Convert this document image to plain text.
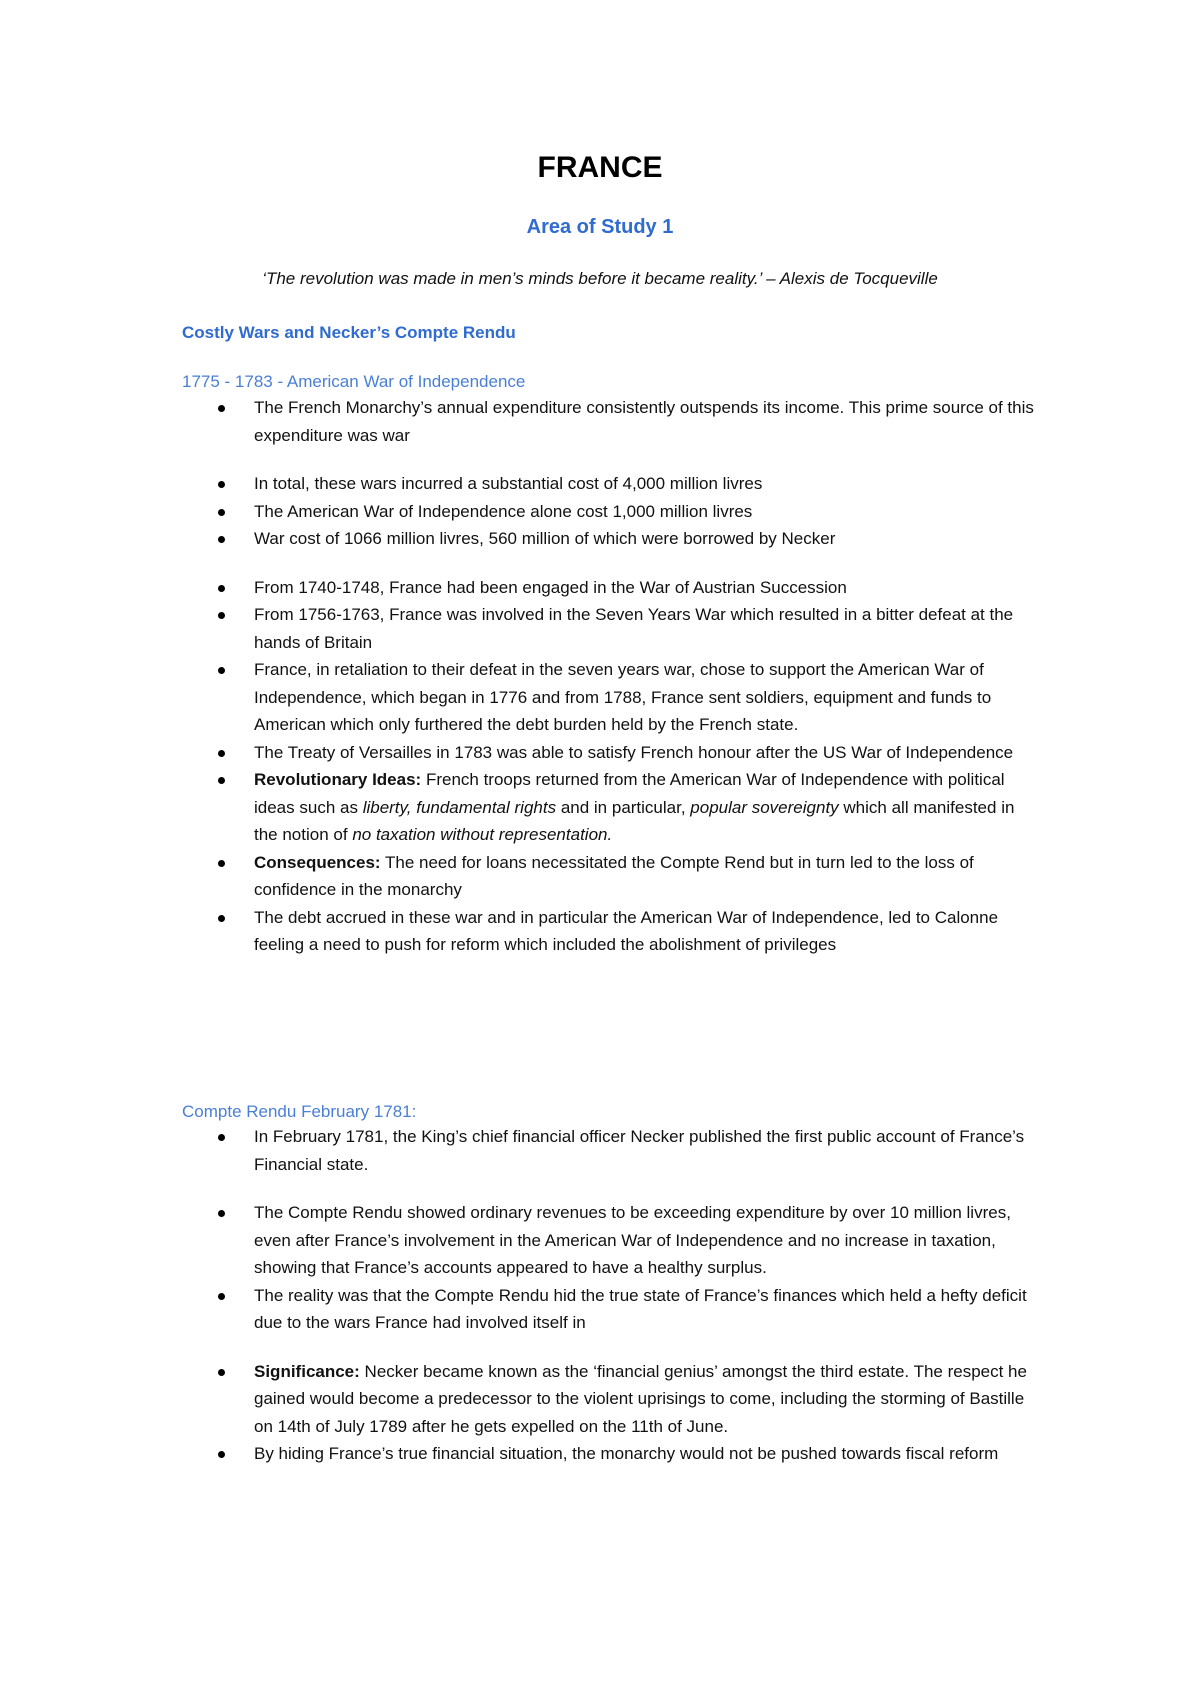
FRANCE
Area of Study 1
‘The revolution was made in men’s minds before it became reality.’ – Alexis de Tocqueville
Costly Wars and Necker’s Compte Rendu
1775 - 1783 - American War of Independence
The French Monarchy’s annual expenditure consistently outspends its income. This prime source of this expenditure was war
In total, these wars incurred a substantial cost of 4,000 million livres
The American War of Independence alone cost 1,000 million livres
War cost of 1066 million livres, 560 million of which were borrowed by Necker
From 1740-1748, France had been engaged in the War of Austrian Succession
From 1756-1763, France was involved in the Seven Years War which resulted in a bitter defeat at the hands of Britain
France, in retaliation to their defeat in the seven years war, chose to support the American War of Independence, which began in 1776 and from 1788, France sent soldiers, equipment and funds to American which only furthered the debt burden held by the French state.
The Treaty of Versailles in 1783 was able to satisfy French honour after the US War of Independence
Revolutionary Ideas: French troops returned from the American War of Independence with political ideas such as liberty, fundamental rights and in particular, popular sovereignty which all manifested in the notion of no taxation without representation.
Consequences: The need for loans necessitated the Compte Rend but in turn led to the loss of confidence in the monarchy
The debt accrued in these war and in particular the American War of Independence, led to Calonne feeling a need to push for reform which included the abolishment of privileges
Compte Rendu February 1781:
In February 1781, the King’s chief financial officer Necker published the first public account of France’s Financial state.
The Compte Rendu showed ordinary revenues to be exceeding expenditure by over 10 million livres, even after France’s involvement in the American War of Independence and no increase in taxation, showing that France’s accounts appeared to have a healthy surplus.
The reality was that the Compte Rendu hid the true state of France’s finances which held a hefty deficit due to the wars France had involved itself in
Significance: Necker became known as the ‘financial genius’ amongst the third estate. The respect he gained would become a predecessor to the violent uprisings to come, including the storming of Bastille on 14th of July 1789 after he gets expelled on the 11th of June.
By hiding France’s true financial situation, the monarchy would not be pushed towards fiscal reform
